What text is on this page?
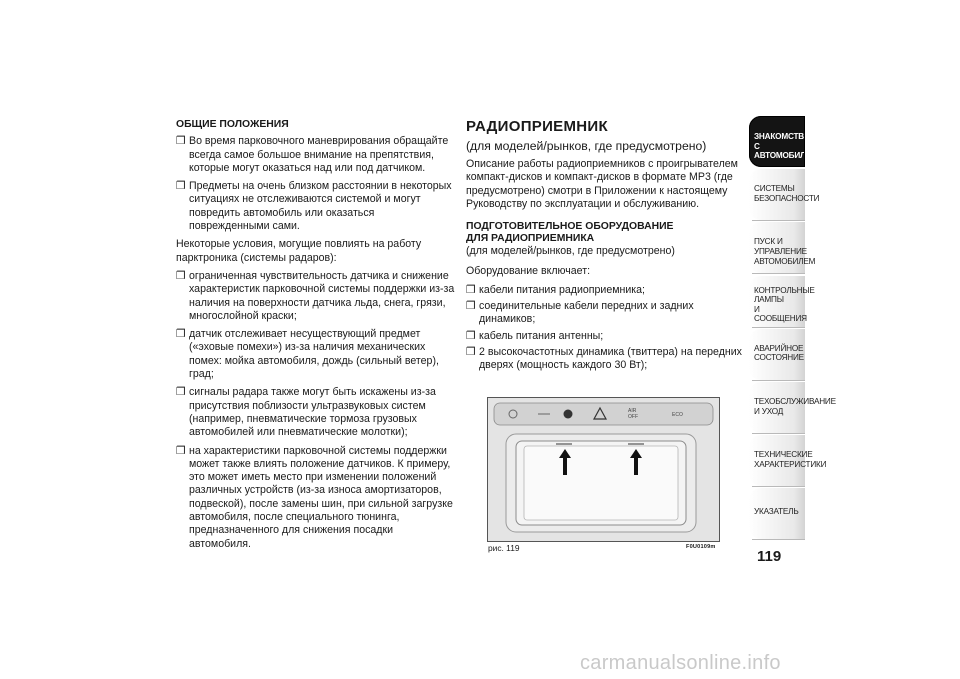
ОБЩИЕ ПОЛОЖЕНИЯ
❒ Во время парковочного маневрирования обращайте всегда самое большое внимание на препятствия, которые могут оказаться над или под датчиком.
❒ Предметы на очень близком расстоянии в некоторых ситуациях не отслеживаются системой и могут повредить автомобиль или оказаться поврежденными сами.
Некоторые условия, могущие повлиять на работу парктроника (системы радаров):
❒ ограниченная чувствительность датчика и снижение характеристик парковочной системы поддержки из-за наличия на поверхности датчика льда, снега, грязи, многослойной краски;
❒ датчик отслеживает несуществующий предмет («эховые помехи») из-за наличия механических помех: мойка автомобиля, дождь (сильный ветер), град;
❒ сигналы радара также могут быть искажены из-за присутствия поблизости ультразвуковых систем (например, пневматические тормоза грузовых автомобилей или пневматические молотки);
❒ на характеристики парковочной системы поддержки может также влиять положение датчиков. К примеру, это может иметь место при изменении положений различных устройств (из-за износа амортизаторов, подвеской), после замены шин, при сильной загрузке автомобиля, после специального тюнинга, предназначенного для снижения посадки автомобиля.
РАДИОПРИЕМНИК
(для моделей/рынков, где предусмотрено)
Описание работы радиоприемников с проигрывателем компакт-дисков и компакт-дисков в формате MP3 (где предусмотрено) смотри в Приложении к настоящему Руководству по эксплуатации и обслуживанию.
ПОДГОТОВИТЕЛЬНОЕ ОБОРУДОВАНИЕ
ДЛЯ РАДИОПРИЕМНИКА
(для моделей/рынков, где предусмотрено)
Оборудование включает:
❒ кабели питания радиоприемника;
❒ соединительные кабели передних и задних динамиков;
❒ кабель питания антенны;
❒ 2 высокочастотных динамика (твиттера) на передних дверях (мощность каждого 30 Вт);
AIR
OFF	ECO
рис. 119	F0U0109m
ЗНАКОМСТВО С
АВТОМОБИЛЕМ
СИСТЕМЫ
БЕЗОПАСНОСТИ
ПУСК И УПРАВЛЕНИЕ
АВТОМОБИЛЕМ
КОНТРОЛЬНЫЕ
ЛАМПЫ
И СООБЩЕНИЯ
АВАРИЙНОЕ
СОСТОЯНИЕ
ТЕХОБСЛУЖИВАНИЕ
И УХОД
ТЕХНИЧЕСКИЕ
ХАРАКТЕРИСТИКИ
УКАЗАТЕЛЬ
119
carmanualsonline.info
